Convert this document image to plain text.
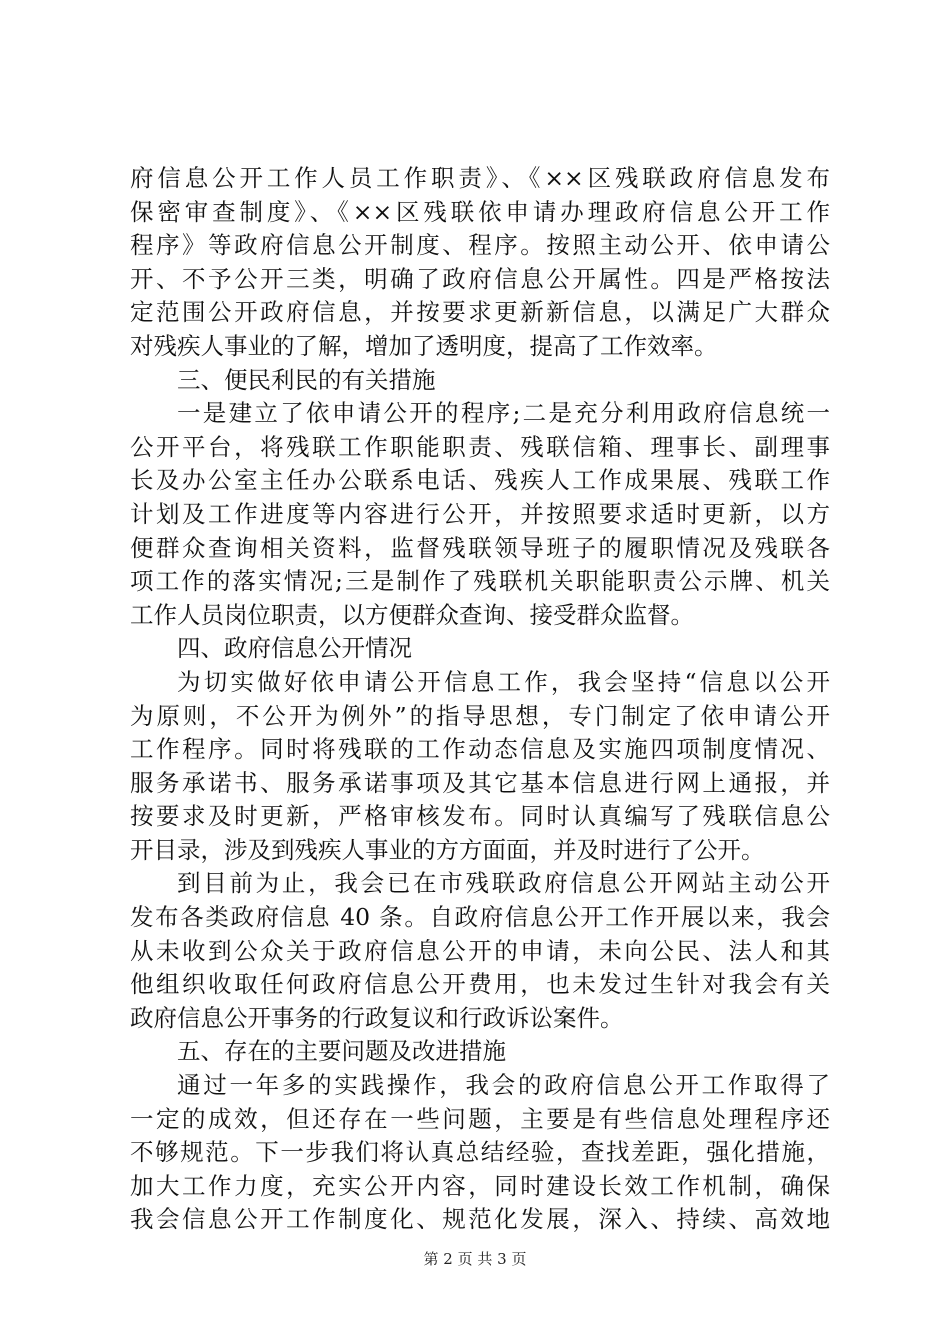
府信息公开工作人员工作职责》、《××区残联政府信息发布
保密审查制度》、《××区残联依申请办理政府信息公开工作
程序》等政府信息公开制度、程序。按照主动公开、依申请公
开、不予公开三类，明确了政府信息公开属性。四是严格按法
定范围公开政府信息，并按要求更新新信息，以满足广大群众
对残疾人事业的了解，增加了透明度，提高了工作效率。
三、便民利民的有关措施
一是建立了依申请公开的程序;二是充分利用政府信息统一
公开平台，将残联工作职能职责、残联信箱、理事长、副理事
长及办公室主任办公联系电话、残疾人工作成果展、残联工作
计划及工作进度等内容进行公开，并按照要求适时更新，以方
便群众查询相关资料，监督残联领导班子的履职情况及残联各
项工作的落实情况;三是制作了残联机关职能职责公示牌、机关
工作人员岗位职责，以方便群众查询、接受群众监督。
四、政府信息公开情况
为切实做好依申请公开信息工作，我会坚持“信息以公开
为原则，不公开为例外”的指导思想，专门制定了依申请公开
工作程序。同时将残联的工作动态信息及实施四项制度情况、
服务承诺书、服务承诺事项及其它基本信息进行网上通报，并
按要求及时更新，严格审核发布。同时认真编写了残联信息公
开目录，涉及到残疾人事业的方方面面，并及时进行了公开。
到目前为止，我会已在市残联政府信息公开网站主动公开
发布各类政府信息 40 条。自政府信息公开工作开展以来，我会
从未收到公众关于政府信息公开的申请，未向公民、法人和其
他组织收取任何政府信息公开费用，也未发过生针对我会有关
政府信息公开事务的行政复议和行政诉讼案件。
五、存在的主要问题及改进措施
通过一年多的实践操作，我会的政府信息公开工作取得了
一定的成效，但还存在一些问题，主要是有些信息处理程序还
不够规范。下一步我们将认真总结经验，查找差距，强化措施，
加大工作力度，充实公开内容，同时建设长效工作机制，确保
我会信息公开工作制度化、规范化发展，深入、持续、高效地
第 2 页 共 3 页
